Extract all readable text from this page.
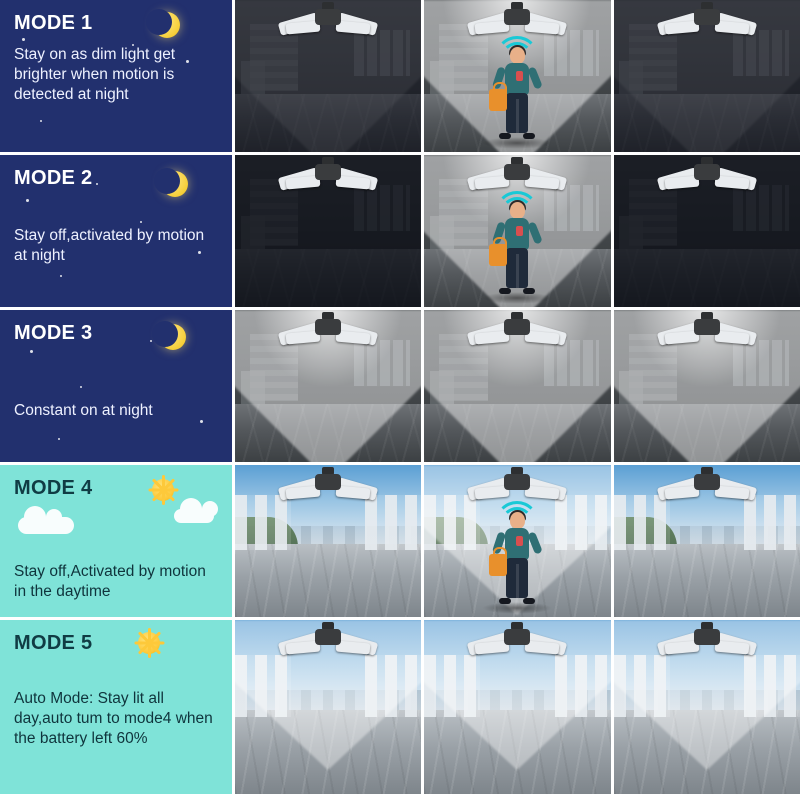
MODE 1
Stay on as dim light get brighter when motion is detected at night
MODE 2
Stay off,activated by motion at night
MODE 3
Constant on at night
MODE 4
Stay off,Activated by motion in the daytime
MODE 5
Auto Mode: Stay lit all day,auto tum to mode4 when the battery left 60%
